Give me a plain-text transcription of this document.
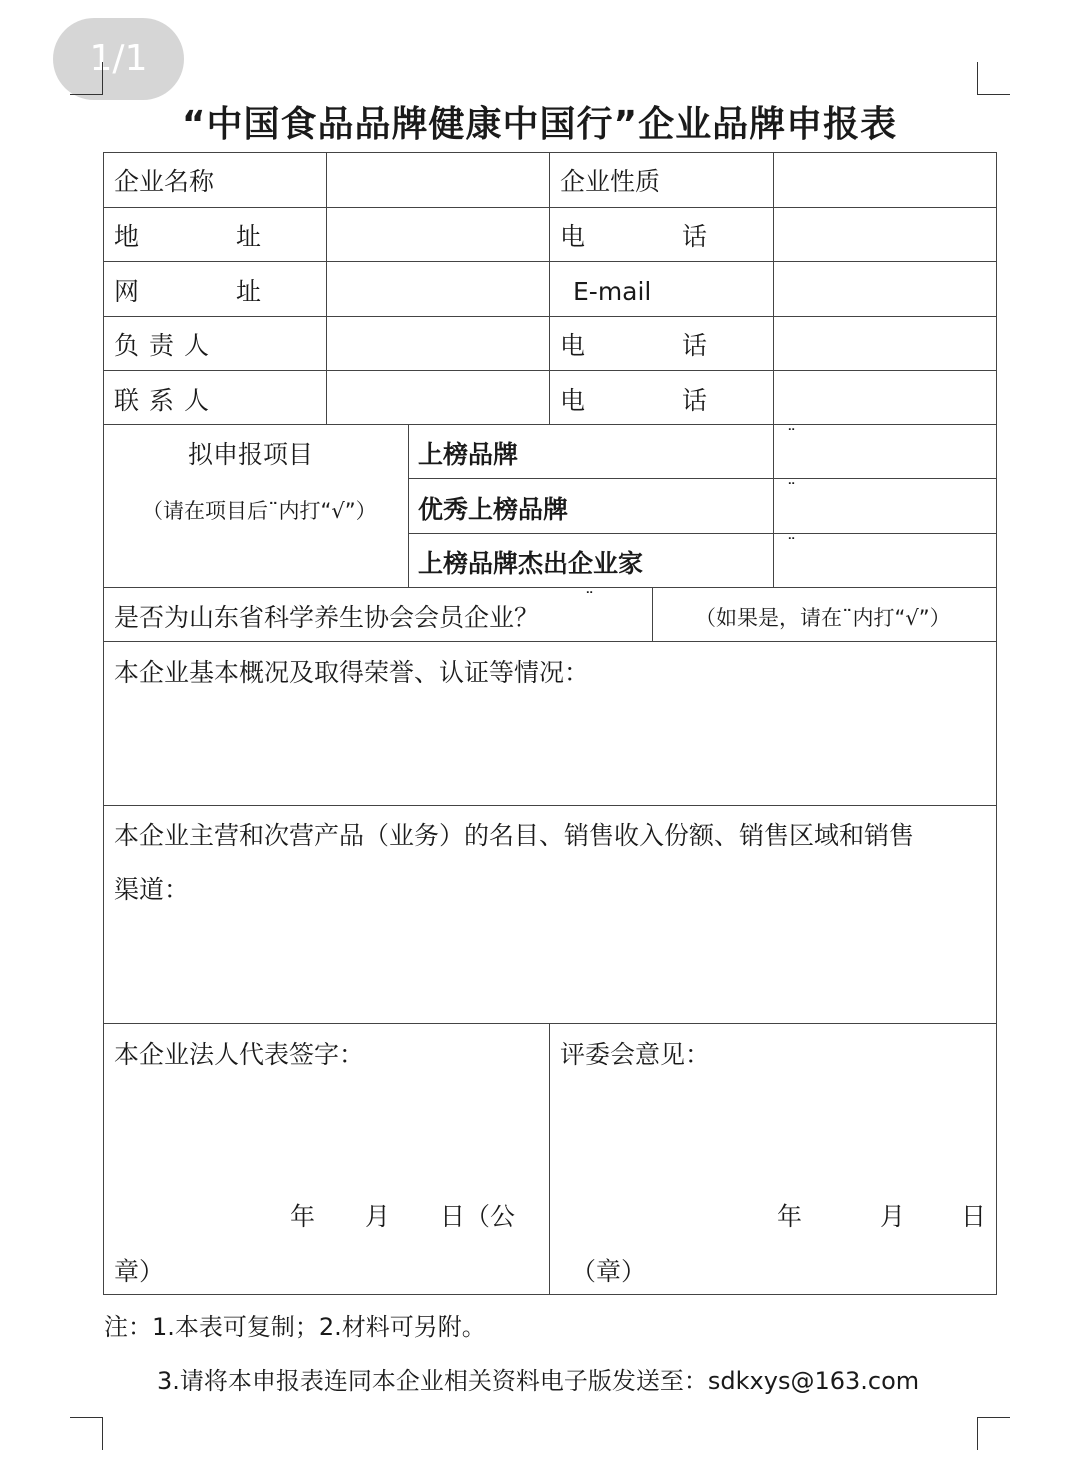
1/1
“中国食品品牌健康中国行”企业品牌申报表
企业名称	企业性质
地　址	电　话
网　址	E-mail
负责人	电　话
联系人	电　话
拟申报项目
（请在项目后¨内打“√”）
上榜品牌
¨
优秀上榜品牌
¨
上榜品牌杰出企业家
¨
是否为山东省科学养生协会会员企业？
¨
（如果是，请在¨内打“√”）
本企业基本概况及取得荣誉、认证等情况：
本企业主营和次营产品（业务）的名目、销售收入份额、销售区域和销售
渠道：
本企业法人代表签字：
年　　月　　日（公
章）
评委会意见：
年	月 日
（章）
注：1.本表可复制；2.材料可另附。
3.请将本申报表连同本企业相关资料电子版发送至：sdkxys@163.com
